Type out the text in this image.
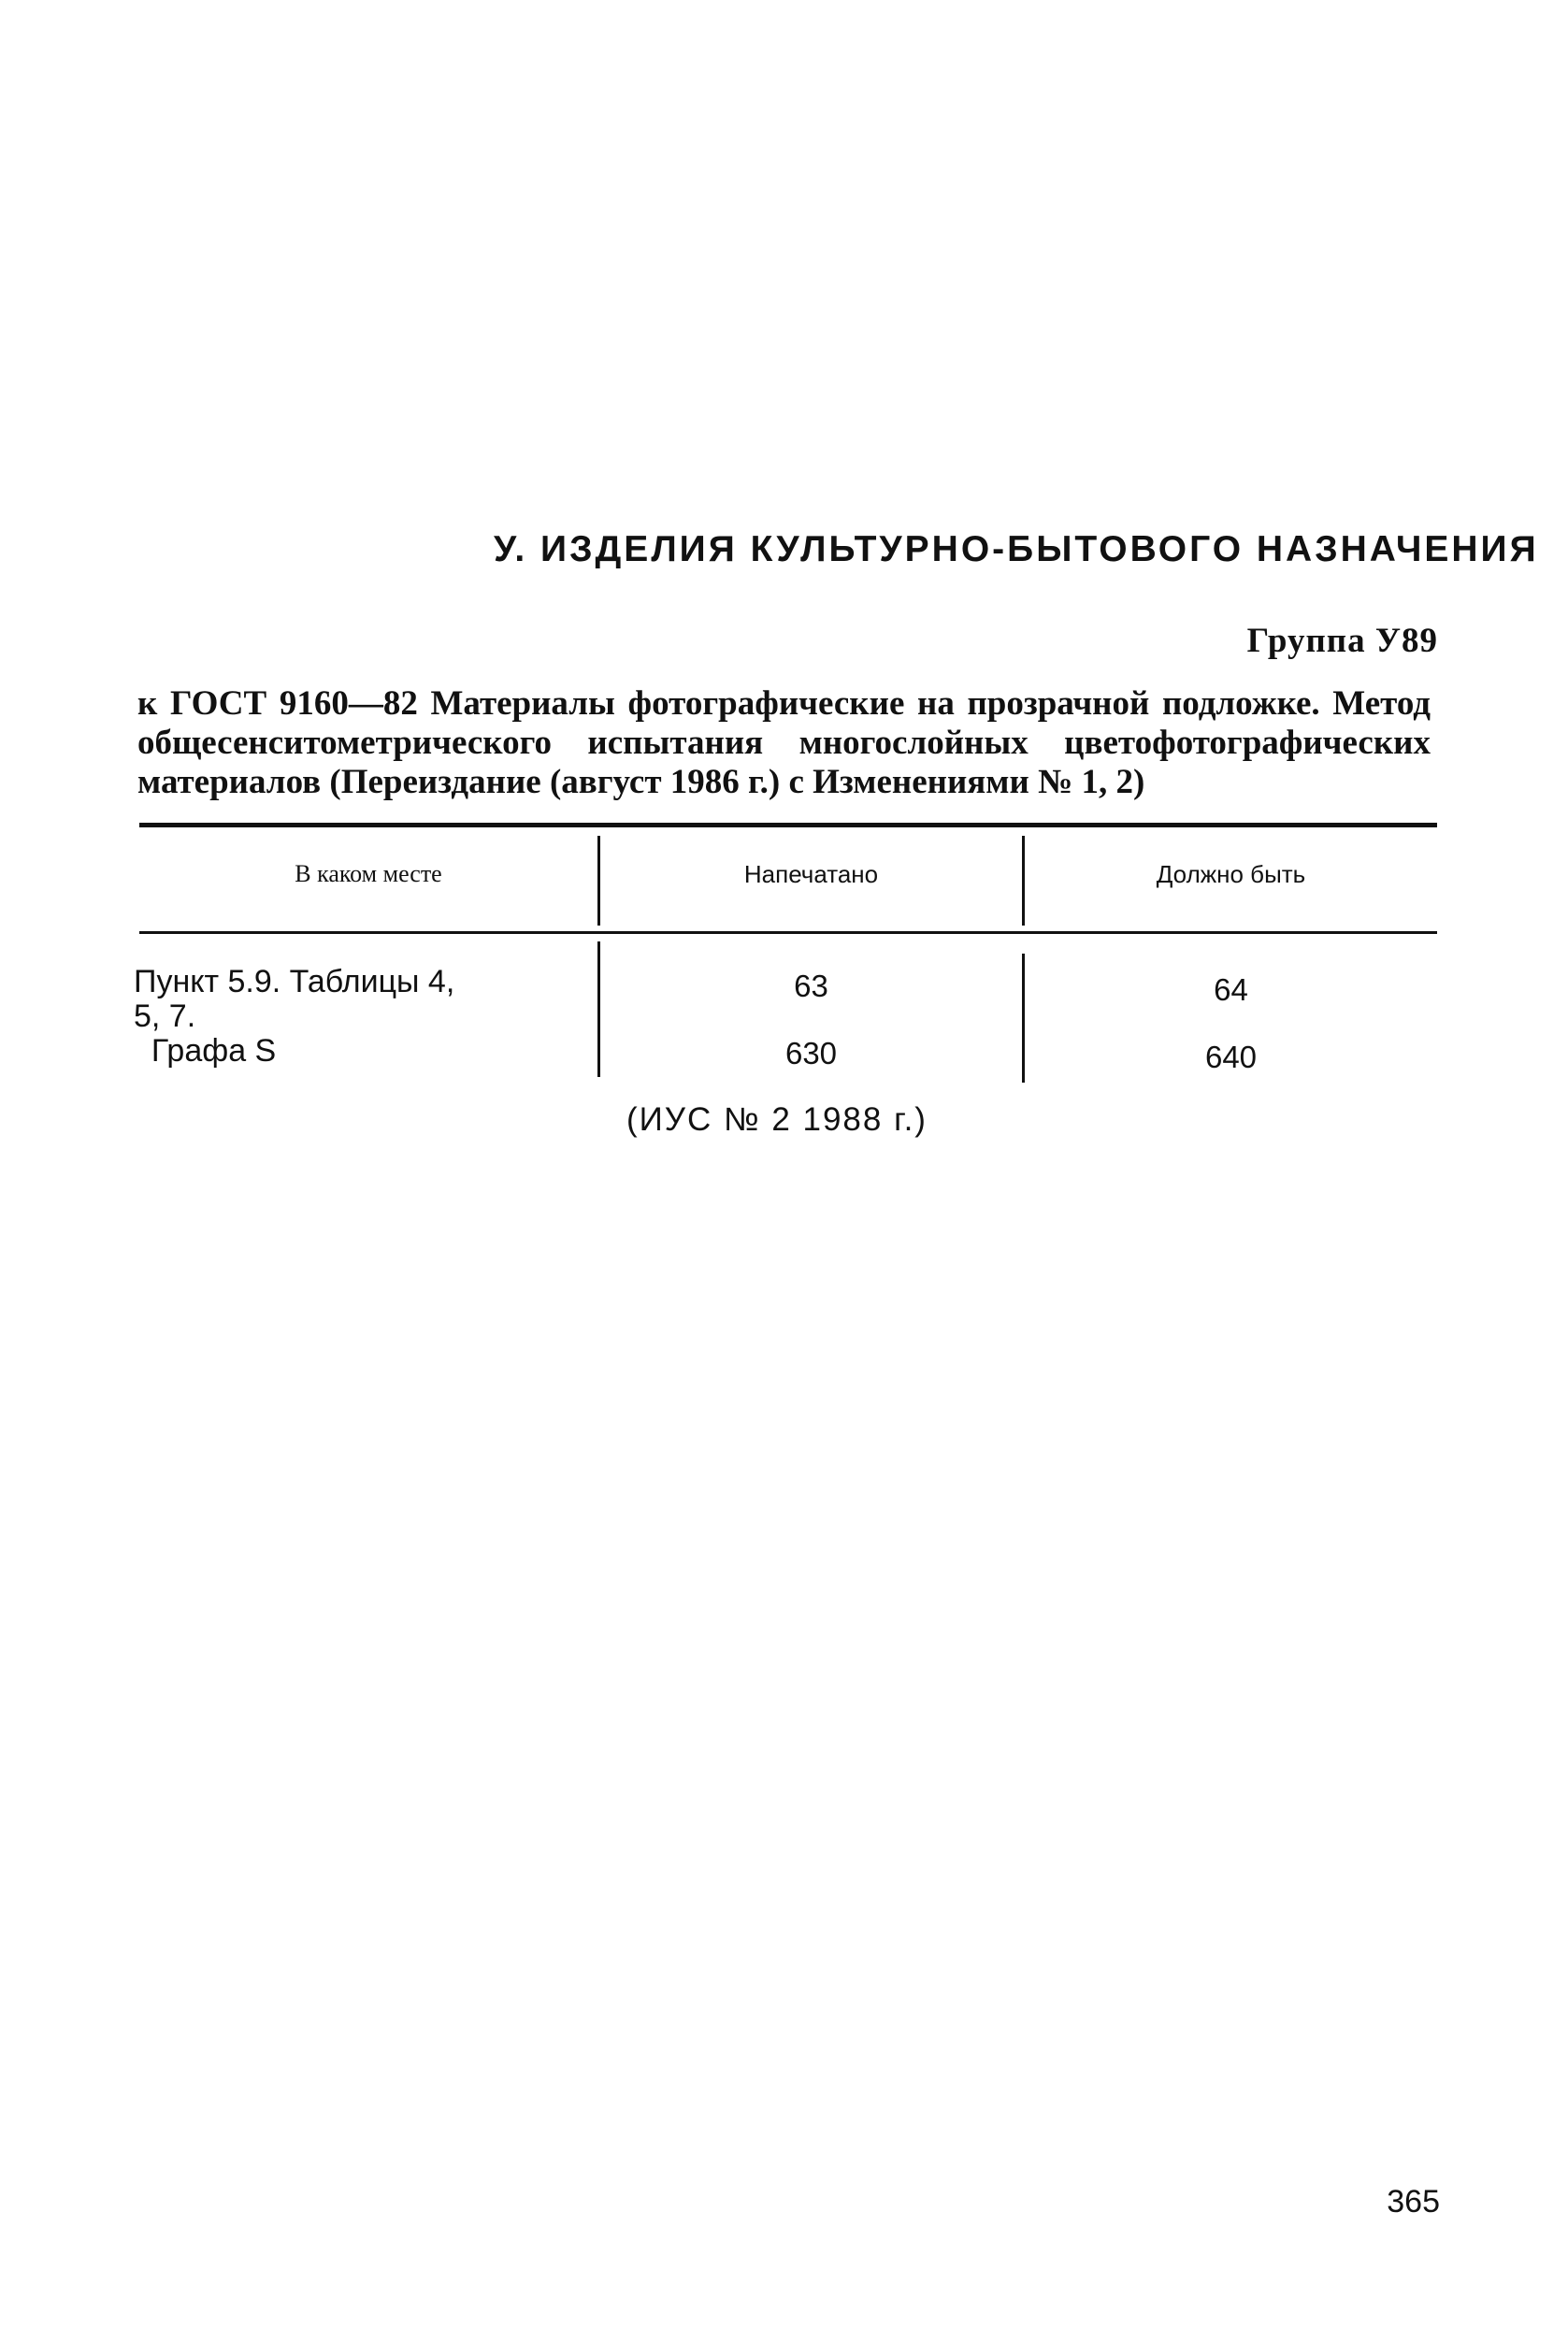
У. ИЗДЕЛИЯ КУЛЬТУРНО-БЫТОВОГО НАЗНАЧЕНИЯ
Группа У89
к ГОСТ 9160—82 Материалы фотографические на прозрачной подложке. Метод общесенситометрического испытания многослойных цветофотографических материалов (Переиздание (август 1986 г.) с Изменениями № 1, 2)
В каком месте	Напечатано	Должно быть
Пункт 5.9. Таблицы 4,
5, 7.
Графа S
63
630
64
640
(ИУС № 2 1988 г.)
365
